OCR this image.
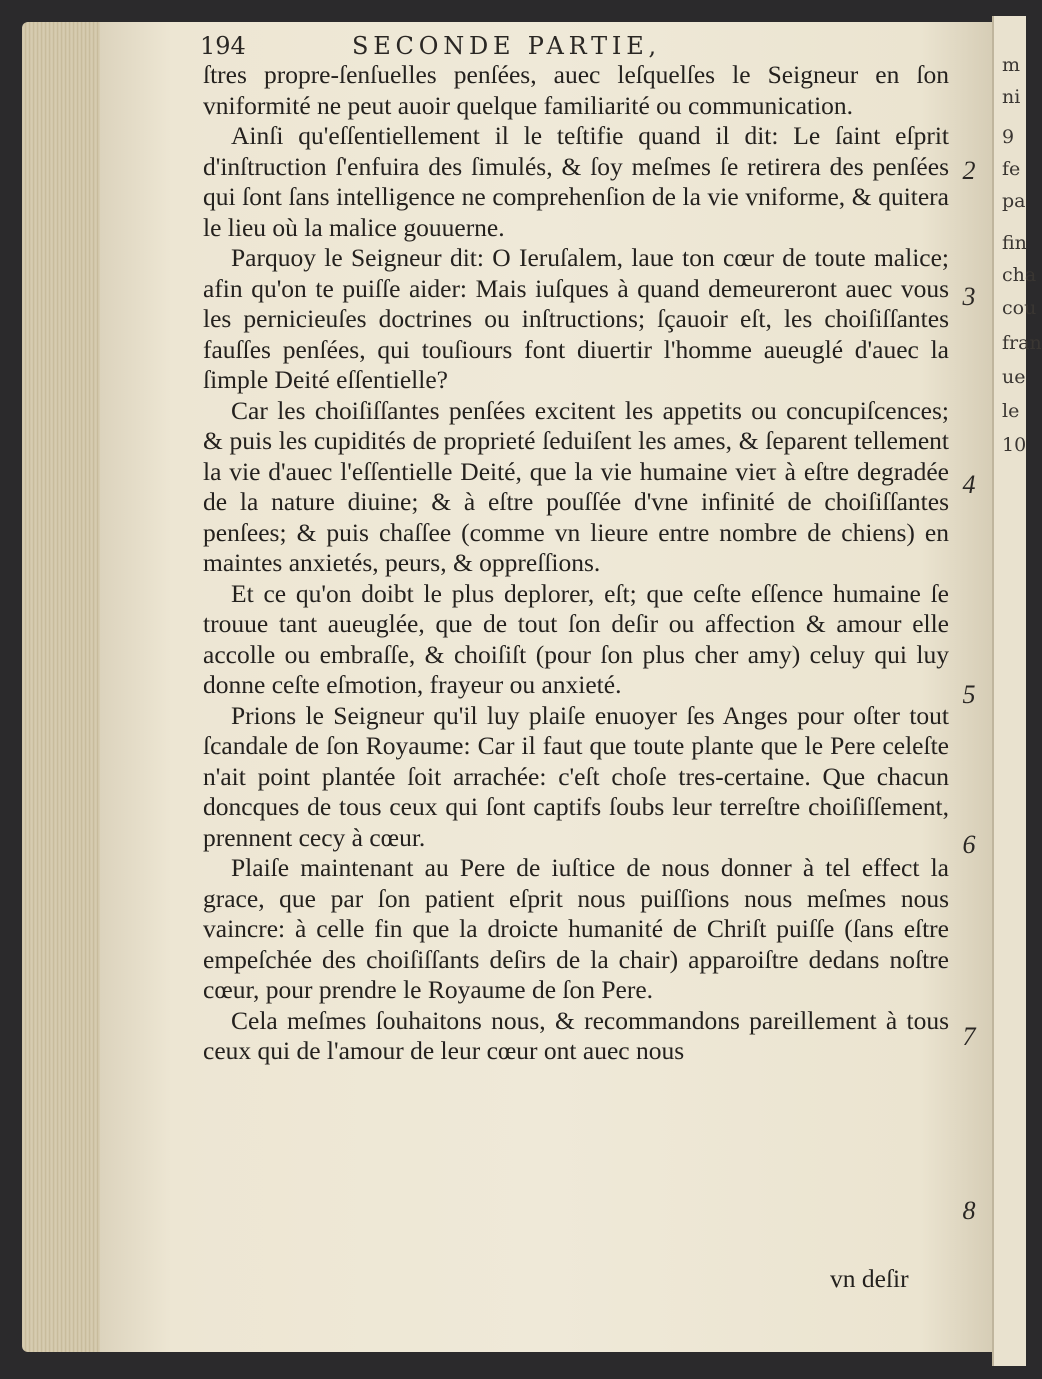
m
ni
9
fe
pa
fin
cha
cou
fran
ue
le
10
194	SECONDE PARTIE,

ſtres propre-ſenſuelles penſées, auec leſquelſes le Seigneur en ſon vniformité ne peut auoir quelque familiarité ou communication.

Ainſi qu'eſſentiellement il le teſtifie quand il dit: Le ſaint eſprit d'inſtruction ſ'enfuira des ſimulés, & ſoy meſmes ſe retirera des penſées qui ſont ſans intelligence ne comprehenſion de la vie vniforme, & quitera le lieu où la malice gouuerne.

Parquoy le Seigneur dit: O Ieruſalem, laue ton cœur de toute malice; afin qu'on te puiſſe aider: Mais iuſques à quand demeureront auec vous les pernicieuſes doctrines ou inſtructions; ſçauoir eſt, les choiſiſſantes fauſſes penſées, qui touſiours font diuertir l'homme aueuglé d'auec la ſimple Deité eſſentielle?

Car les choiſiſſantes penſées excitent les appetits ou concupiſcences; & puis les cupidités de proprieté ſeduiſent les ames, & ſeparent tellement la vie d'auec l'eſſentielle Deité, que la vie humaine vieτ à eſtre degradée de la nature diuine; & à eſtre pouſſée d'vne infinité de choiſiſſantes penſees; & puis chaſſee (comme vn lieure entre nombre de chiens) en maintes anxietés, peurs, & oppreſſions.

Et ce qu'on doibt le plus deplorer, eſt; que ceſte eſſence humaine ſe trouue tant aueuglée, que de tout ſon deſir ou affection & amour elle accolle ou embraſſe, & choiſiſt (pour ſon plus cher amy) celuy qui luy donne ceſte eſmotion, frayeur ou anxieté.

Prions le Seigneur qu'il luy plaiſe enuoyer ſes Anges pour oſter tout ſcandale de ſon Royaume: Car il faut que toute plante que le Pere celeſte n'ait point plantée ſoit arrachée: c'eſt choſe tres-certaine. Que chacun doncques de tous ceux qui ſont captifs ſoubs leur terreſtre choiſiſſement, prennent cecy à cœur.

Plaiſe maintenant au Pere de iuſtice de nous donner à tel effect la grace, que par ſon patient eſprit nous puiſſions nous meſmes nous vaincre: à celle fin que la droicte humanité de Chriſt puiſſe (ſans eſtre empeſchée des choiſiſſants deſirs de la chair) apparoiſtre dedans noſtre cœur, pour prendre le Royaume de ſon Pere.

Cela meſmes ſouhaitons nous, & recommandons pareillement à tous ceux qui de l'amour de leur cœur ont auec nous

vn deſir
2
3
4
5
6
7
8
